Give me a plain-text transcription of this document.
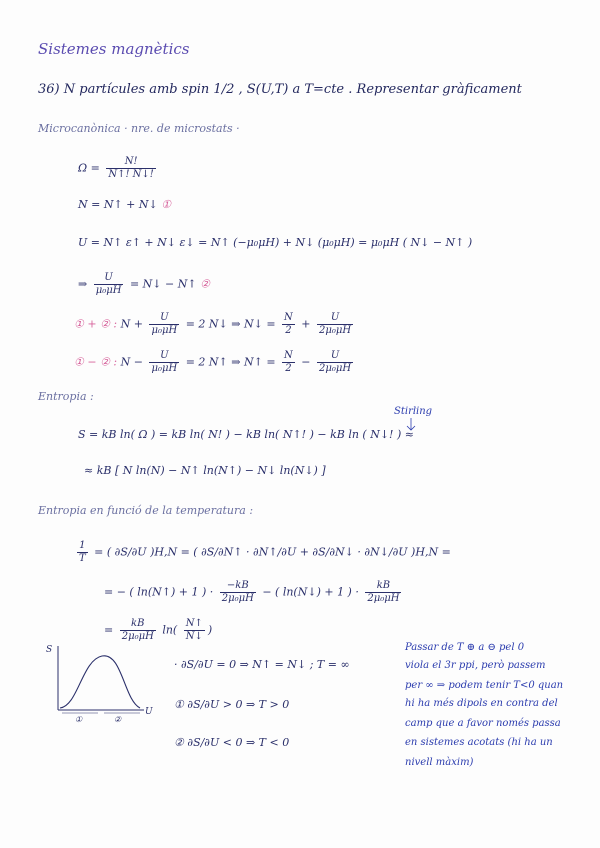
Sistemes magnètics
36) N partícules amb spin 1/2 , S(U,T) a T=cte . Representar gràficament
Microcanònica · nre. de microstats ·
$\Omega = \frac{N!}{N↑! N↓!}$
N = N↑ + N↓ ①
U = N↑ ε↑ + N↓ ε↓ = N↑ (−μ₀μH) + N↓ (μ₀μH) = μ₀μH ( N↓ − N↑ )
⇒ $\frac{U}{\text{μ₀μH}}$ = N↓ − N↑ ②
① + ② : $N + \frac{U}{\text{μ₀μH}} = 2$ N↓ ⇒ N↓ = $\frac{N}{2} + \frac{U}{\text{2μ₀μH}}$
① − ② : $N - \frac{U}{\text{μ₀μH}} = 2$ N↑ ⇒ N↑ = $\frac{N}{2} - \frac{U}{\text{2μ₀μH}}$
Entropia :
Stirling
S = kB ln( Ω ) = kB ln( N! ) − kB ln( N↑! ) − kB ln ( N↓! ) ≈
≈ kB [ N ln(N) − N↑ ln(N↑) − N↓ ln(N↓) ]
Entropia en funció de la temperatura :
$\frac{1}{T}$ = ( ∂S/∂U )H,N = ( ∂S/∂N↑ · ∂N↑/∂U + ∂S/∂N↓ · ∂N↓/∂U )H,N =
= − ( ln(N↑) + 1 ) · $\frac{-kB}{\text{2μ₀μH}}$ − ( ln(N↓) + 1 ) · $\frac{kB}{\text{2μ₀μH}}$
= $\frac{kB}{\text{2μ₀μH}} \ln( \frac{N↑}{N↓}$ )
S
U
①	②
· ∂S/∂U = 0 ⇒ N↑ = N↓ ; T = ∞
① ∂S/∂U > 0 ⇒ T > 0
② ∂S/∂U < 0 ⇒ T < 0
Passar de T ⊕ a ⊖ pel 0
viola el 3r ppi, però passem
per ∞ ⇒ podem tenir T<0 quan
hi ha més dipols en contra del
camp que a favor només passa
en sistemes acotats (hi ha un
nivell màxim)
